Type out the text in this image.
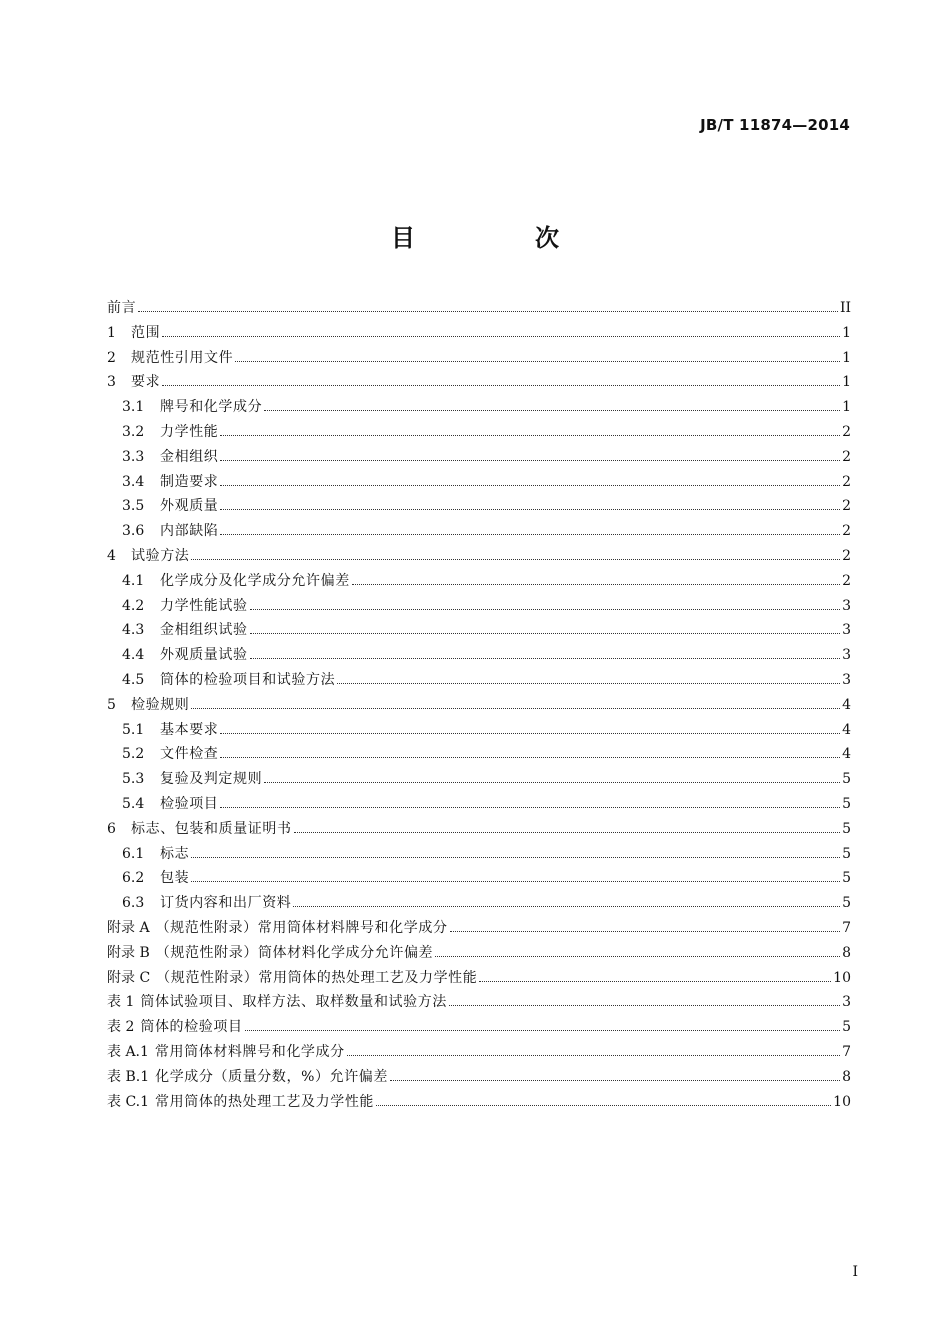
JB/T 11874—2014
目　次
前言	II
1	范围	1
2	规范性引用文件	1
3	要求	1
3.1	牌号和化学成分	1
3.2	力学性能	2
3.3	金相组织	2
3.4	制造要求	2
3.5	外观质量	2
3.6	内部缺陷	2
4	试验方法	2
4.1	化学成分及化学成分允许偏差	2
4.2	力学性能试验	3
4.3	金相组织试验	3
4.4	外观质量试验	3
4.5	筒体的检验项目和试验方法	3
5	检验规则	4
5.1	基本要求	4
5.2	文件检查	4
5.3	复验及判定规则	5
5.4	检验项目	5
6	标志、包装和质量证明书	5
6.1	标志	5
6.2	包装	5
6.3	订货内容和出厂资料	5
附录 A （规范性附录）常用筒体材料牌号和化学成分	7
附录 B （规范性附录）筒体材料化学成分允许偏差	8
附录 C （规范性附录）常用筒体的热处理工艺及力学性能	10
表 1 筒体试验项目、取样方法、取样数量和试验方法	3
表 2 筒体的检验项目	5
表 A.1 常用筒体材料牌号和化学成分	7
表 B.1 化学成分（质量分数，%）允许偏差	8
表 C.1 常用筒体的热处理工艺及力学性能	10
I
